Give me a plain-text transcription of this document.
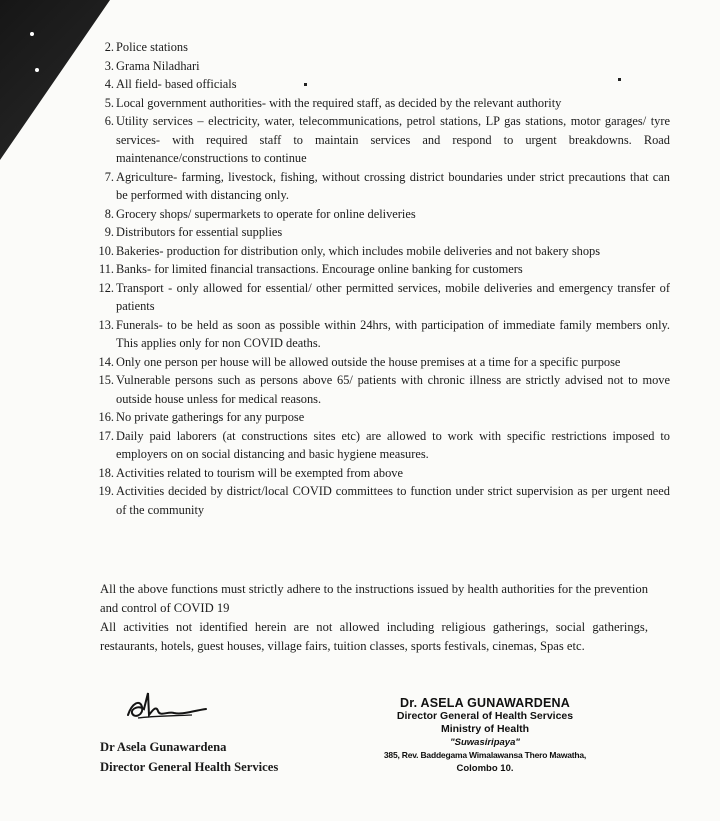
2. Police stations
3. Grama Niladhari
4. All field- based officials
5. Local government authorities- with the required staff, as decided by the relevant authority
6. Utility services – electricity, water, telecommunications, petrol stations, LP gas stations, motor garages/ tyre services- with required staff to maintain services and respond to urgent breakdowns. Road maintenance/constructions to continue
7. Agriculture- farming, livestock, fishing, without crossing district boundaries under strict precautions that can be performed with distancing only.
8. Grocery shops/ supermarkets to operate for online deliveries
9. Distributors for essential supplies
10. Bakeries- production for distribution only, which includes mobile deliveries and not bakery shops
11. Banks- for limited financial transactions. Encourage online banking for customers
12. Transport - only allowed for essential/ other permitted services, mobile deliveries and emergency transfer of patients
13. Funerals- to be held as soon as possible within 24hrs, with participation of immediate family members only. This applies only for non COVID deaths.
14. Only one person per house will be allowed outside the house premises at a time for a specific purpose
15. Vulnerable persons such as persons above 65/ patients with chronic illness are strictly advised not to move outside house unless for medical reasons.
16. No private gatherings for any purpose
17. Daily paid laborers (at constructions sites etc) are allowed to work with specific restrictions imposed to employers on on social distancing and basic hygiene measures.
18. Activities related to tourism will be exempted from above
19. Activities decided by district/local COVID committees to function under strict supervision as per urgent need of the community

All the above functions must strictly adhere to the instructions issued by health authorities for the prevention and control of COVID 19

All activities not identified herein are not allowed including religious gatherings, social gatherings, restaurants, hotels, guest houses, village fairs, tuition classes, sports festivals, cinemas, Spas etc.

Dr Asela Gunawardena
Director General Health Services
Dr. ASELA GUNAWARDENA
Director General of Health Services
Ministry of Health
"Suwasiripaya"
385, Rev. Baddegama Wimalawansa Thero Mawatha,
Colombo 10.
